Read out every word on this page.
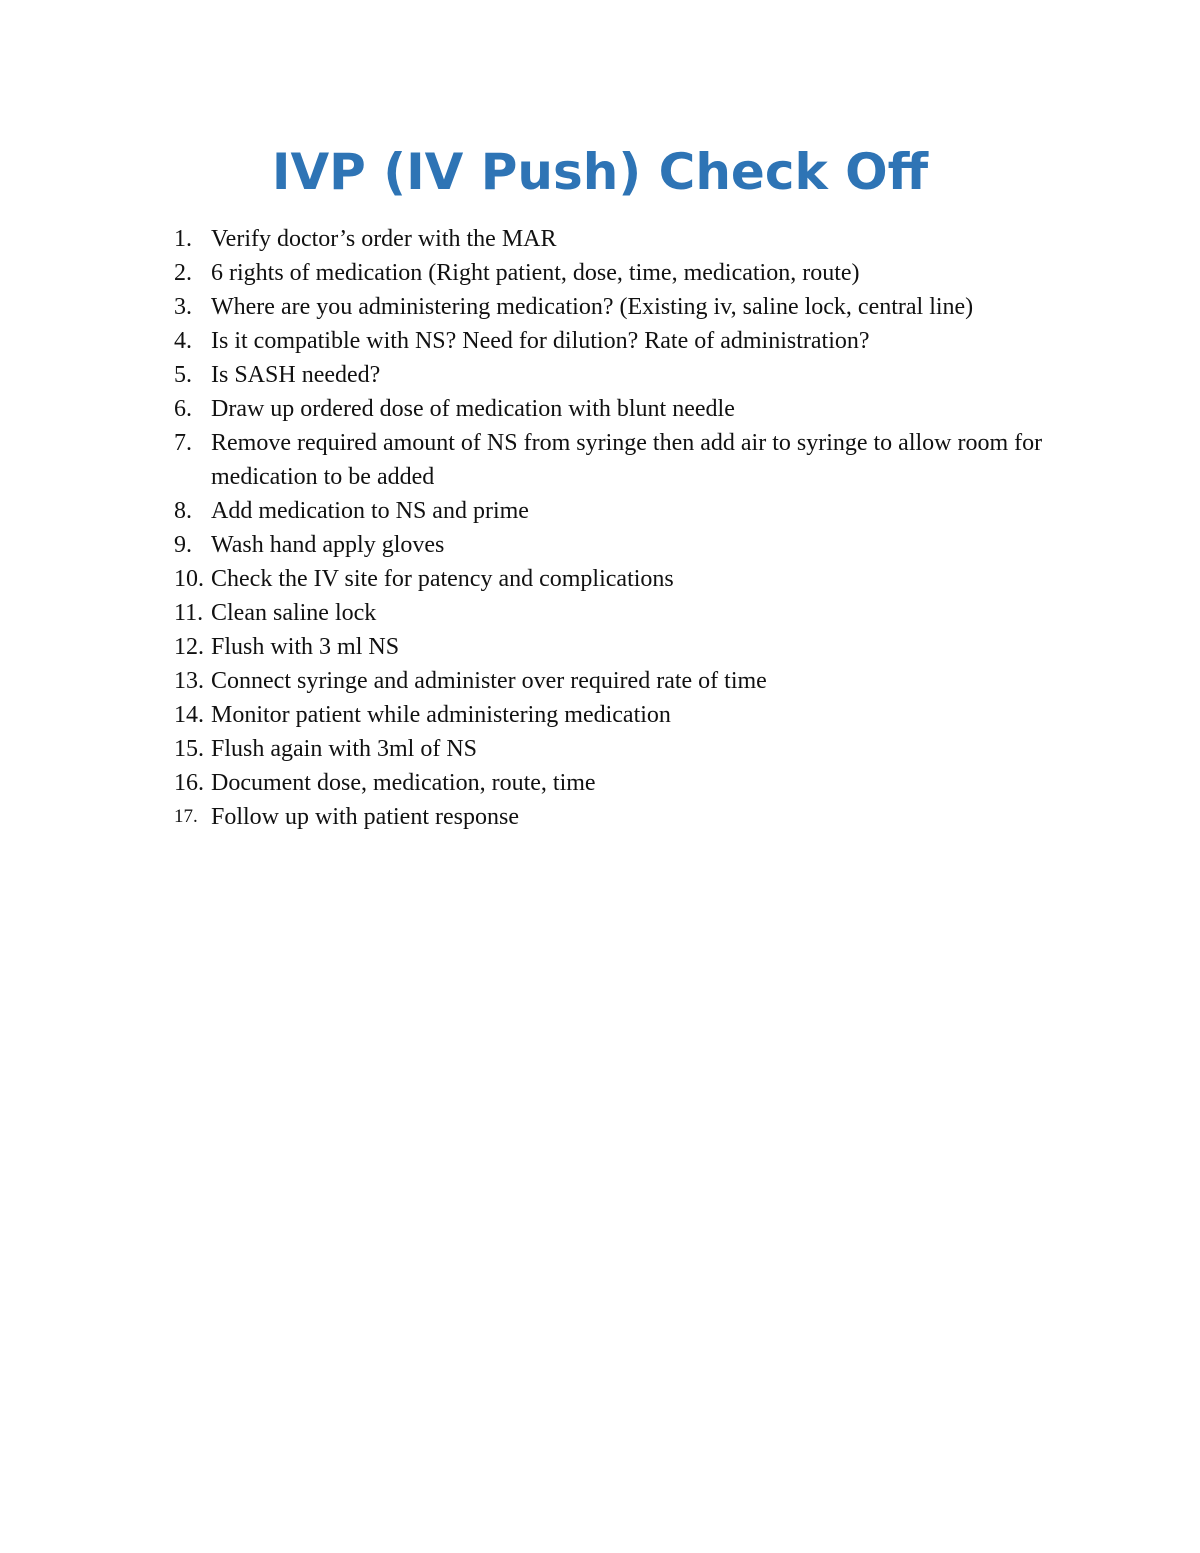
IVP (IV Push) Check Off
1. Verify doctor’s order with the MAR
2. 6 rights of medication (Right patient, dose, time, medication, route)
3. Where are you administering medication? (Existing iv, saline lock, central line)
4. Is it compatible with NS? Need for dilution? Rate of administration?
5. Is SASH needed?
6. Draw up ordered dose of medication with blunt needle
7. Remove required amount of NS from syringe then add air to syringe to allow room for medication to be added
8. Add medication to NS and prime
9. Wash hand apply gloves
10. Check the IV site for patency and complications
11. Clean saline lock
12. Flush with 3 ml NS
13. Connect syringe and administer over required rate of time
14. Monitor patient while administering medication
15. Flush again with 3ml of NS
16. Document dose, medication, route, time
17. Follow up with patient response
